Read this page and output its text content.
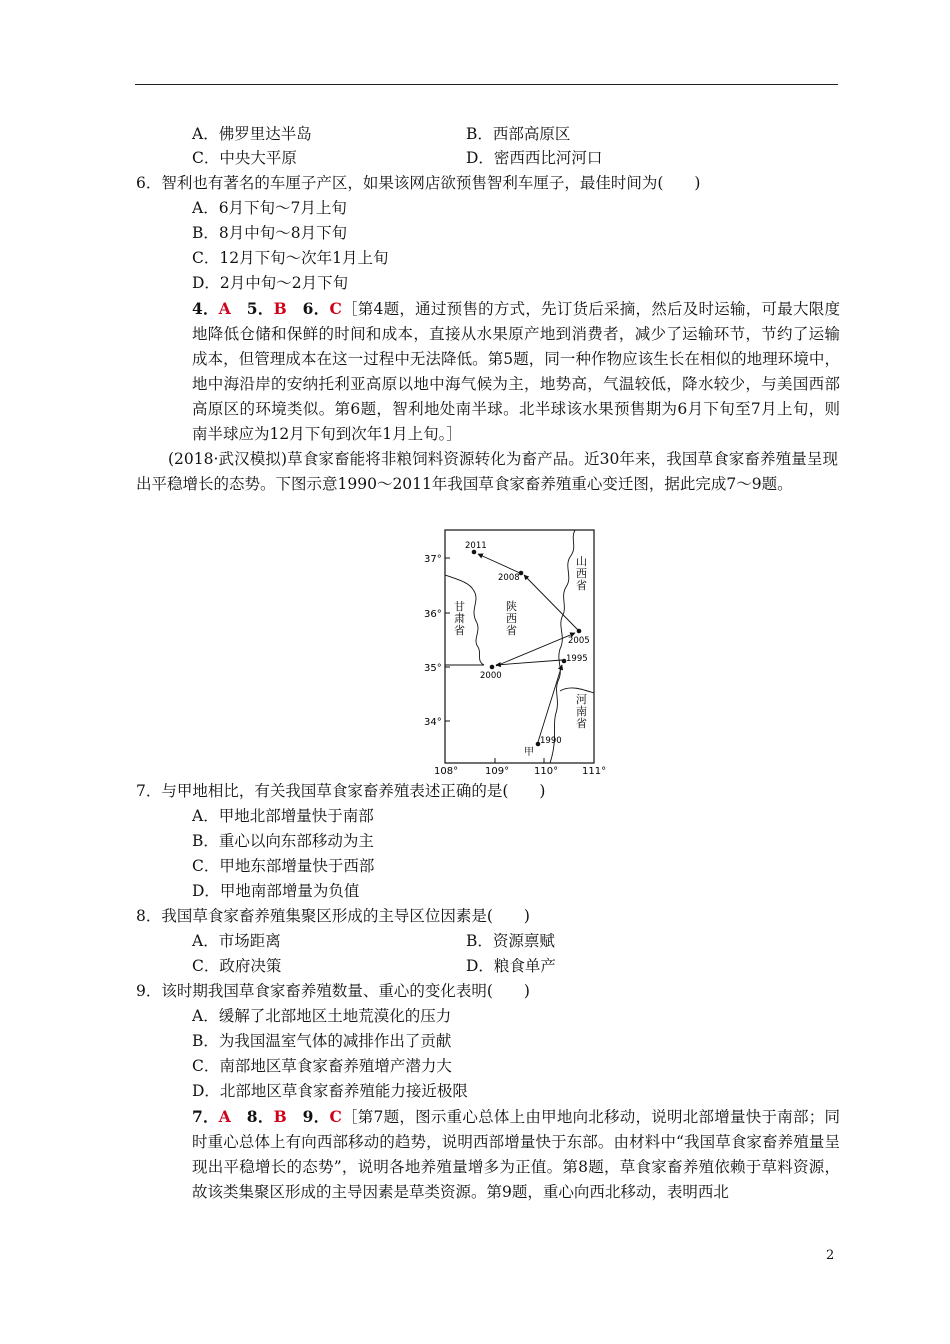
A．佛罗里达半岛	B．西部高原区
C．中央大平原	D．密西西比河河口
6．智利也有著名的车厘子产区，如果该网店欲预售智利车厘子，最佳时间为(　　)
A．6月下旬～7月上旬
B．8月中旬～8月下旬
C．12月下旬～次年1月上旬
D．2月中旬～2月下旬
4．A　5．B　6．C［第4题，通过预售的方式，先订货后采摘，然后及时运输，可最大限度地降低仓储和保鲜的时间和成本，直接从水果原产地到消费者，减少了运输环节，节约了运输成本，但管理成本在这一过程中无法降低。第5题，同一种作物应该生长在相似的地理环境中，地中海沿岸的安纳托利亚高原以地中海气候为主，地势高，气温较低，降水较少，与美国西部高原区的环境类似。第6题，智利地处南半球。北半球该水果预售期为6月下旬至7月上旬，则南半球应为12月下旬到次年1月上旬。］
(2018·武汉模拟)草食家畜能将非粮饲料资源转化为畜产品。近30年来，我国草食家畜养殖量呈现出平稳增长的态势。下图示意1990～2011年我国草食家畜养殖重心变迁图，据此完成7～9题。
37°
36°
35°
34°
108°	109° 110° 111°
甘
肃
省
陕
西
省
山
西
省
河
南
省
1990
1995
2000
2005
2008
2011
甲
7．与甲地相比，有关我国草食家畜养殖表述正确的是(　　)
A．甲地北部增量快于南部
B．重心以向东部移动为主
C．甲地东部增量快于西部
D．甲地南部增量为负值
8．我国草食家畜养殖集聚区形成的主导区位因素是(　　)
A．市场距离	B．资源禀赋
C．政府决策	D．粮食单产
9．该时期我国草食家畜养殖数量、重心的变化表明(　　)
A．缓解了北部地区土地荒漠化的压力
B．为我国温室气体的减排作出了贡献
C．南部地区草食家畜养殖增产潜力大
D．北部地区草食家畜养殖能力接近极限
7．A　8．B　9．C［第7题，图示重心总体上由甲地向北移动，说明北部增量快于南部；同时重心总体上有向西部移动的趋势，说明西部增量快于东部。由材料中“我国草食家畜养殖量呈现出平稳增长的态势”，说明各地养殖量增多为正值。第8题，草食家畜养殖依赖于草料资源，故该类集聚区形成的主导因素是草类资源。第9题，重心向西北移动，表明西北
2
